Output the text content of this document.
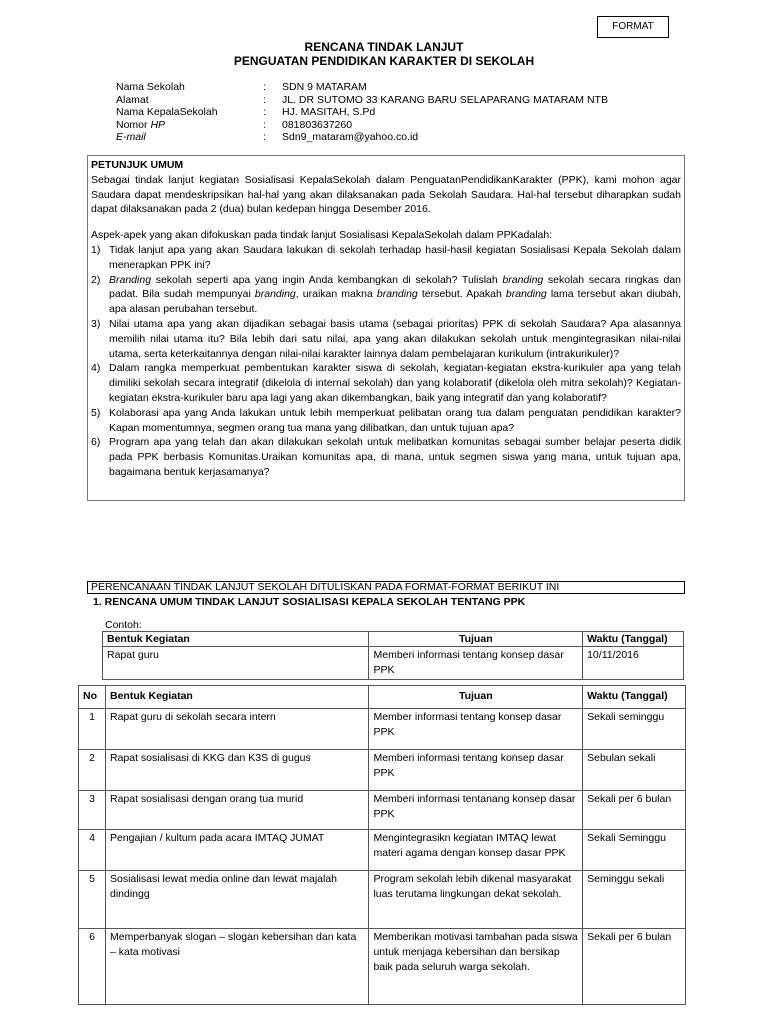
FORMAT
RENCANA TINDAK LANJUT
PENGUATAN PENDIDIKAN KARAKTER DI SEKOLAH
Nama Sekolah	:	SDN 9 MATARAM
Alamat	:	JL. DR SUTOMO 33 KARANG BARU SELAPARANG MATARAM NTB
Nama KepalaSekolah	:	HJ. MASITAH, S.Pd
Nomor HP	:	081803637260
E-mail	:	Sdn9_mataram@yahoo.co.id
PETUNJUK UMUM

Sebagai tindak lanjut kegiatan Sosialisasi KepalaSekolah dalam PenguatanPendidikanKarakter (PPK), kami mohon agar Saudara dapat mendeskripsikan hal-hal yang akan dilaksanakan pada Sekolah Saudara. Hal-hal tersebut diharapkan sudah dapat dilaksanakan pada 2 (dua) bulan kedepan hingga Desember 2016.

Aspek-apek yang akan difokuskan pada tindak lanjut Sosialisasi KepalaSekolah dalam PPKadalah:

1) Tidak lanjut apa yang akan Saudara lakukan di sekolah terhadap hasil-hasil kegiatan Sosialisasi Kepala Sekolah dalam menerapkan PPK ini?
2) Branding sekolah seperti apa yang ingin Anda kembangkan di sekolah? Tulislah branding sekolah secara ringkas dan padat. Bila sudah mempunyai branding, uraikan makna branding tersebut. Apakah branding lama tersebut akan diubah, apa alasan perubahan tersebut.
3) Nilai utama apa yang akan dijadikan sebagai basis utama (sebagai prioritas) PPK di sekolah Saudara? Apa alasannya memilih nilai utama itu? Bila lebih dari satu nilai, apa yang akan dilakukan sekolah untuk mengintegrasikan nilai-nilai utama, serta keterkaitannya dengan nilai-nilai karakter lainnya dalam pembelajaran kurikulum (intrakurikuler)?
4) Dalam rangka memperkuat pembentukan karakter siswa di sekolah, kegiatan-kegiatan ekstra-kurikuler apa yang telah dimiliki sekolah secara integratif (dikelola di internal sekolah) dan yang kolaboratif (dikelola oleh mitra sekolah)? Kegiatan-kegiatan ekstra-kurikuler baru apa lagi yang akan dikembangkan, baik yang integratif dan yang kolaboratif?
5) Kolaborasi apa yang Anda lakukan untuk lebih memperkuat pelibatan orang tua dalam penguatan pendidikan karakter? Kapan momentumnya, segmen orang tua mana yang dilibatkan, dan untuk tujuan apa?
6) Program apa yang telah dan akan dilakukan sekolah untuk melibatkan komunitas sebagai sumber belajar peserta didik pada PPK berbasis Komunitas.Uraikan komunitas apa, di mana, untuk segmen siswa yang mana, untuk tujuan apa, bagaimana bentuk kerjasamanya?
PERENCANAAN TINDAK LANJUT SEKOLAH DITULISKAN PADA FORMAT-FORMAT BERIKUT INI
1. RENCANA UMUM TINDAK LANJUT SOSIALISASI KEPALA SEKOLAH TENTANG PPK
Contoh:
Bentuk Kegiatan	Tujuan	Waktu (Tanggal)
Rapat guru	Memberi informasi tentang konsep dasar PPK	10/11/2016
No	Bentuk Kegiatan	Tujuan	Waktu (Tanggal)
1	Rapat guru di sekolah secara intern	Member informasi tentang konsep dasar PPK	Sekali seminggu
2	Rapat sosialisasi di KKG dan K3S di gugus	Memberi informasi tentang konsep dasar PPK	Sebulan sekali
3	Rapat sosialisasi dengan orang tua murid	Memberi informasi tentanang konsep dasar PPK	Sekali per 6 bulan
4	Pengajian / kultum pada acara IMTAQ JUMAT	Mengintegrasikn kegiatan IMTAQ lewat materi agama dengan konsep dasar PPK	Sekali Seminggu
5	Sosialisasi lewat media online dan lewat majalah dindingg	Program sekolah lebih dikenal masyarakat luas terutama lingkungan dekat sekolah.	Seminggu sekali
6	Memperbanyak slogan – slogan kebersihan dan kata – kata motivasi	Memberikan motivasi tambahan pada siswa untuk menjaga kebersihan dan bersikap baik pada seluruh warga sekolah.	Sekali per 6 bulan
